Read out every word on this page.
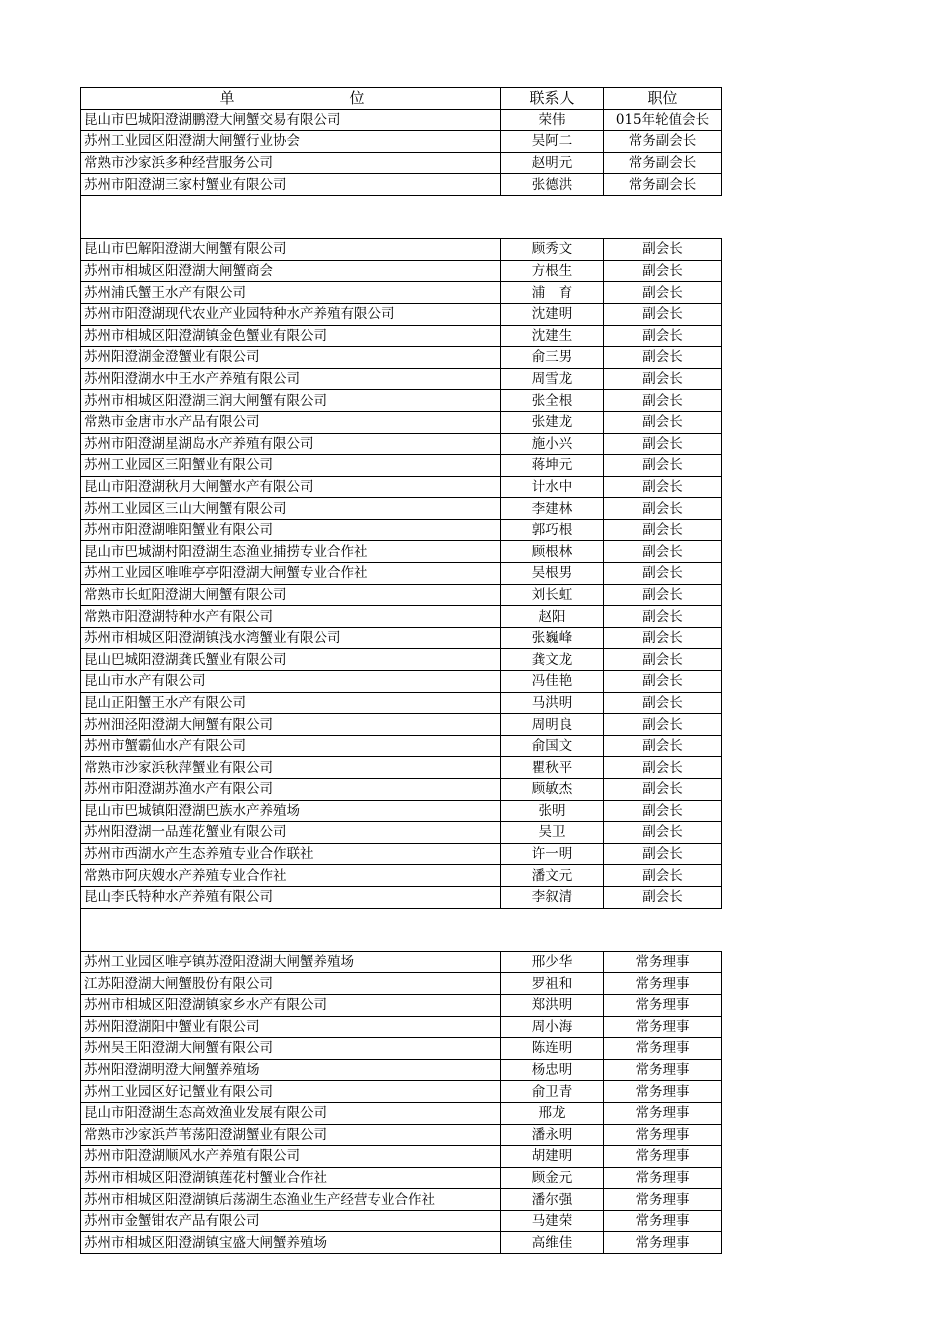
单 位	联系人	职位
昆山市巴城阳澄湖鹏澄大闸蟹交易有限公司	荣伟	015年轮值会长
苏州工业园区阳澄湖大闸蟹行业协会	吴阿二	常务副会长
常熟市沙家浜多种经营服务公司	赵明元	常务副会长
苏州市阳澄湖三家村蟹业有限公司	张德洪	常务副会长

昆山市巴解阳澄湖大闸蟹有限公司	顾秀文	副会长
苏州市相城区阳澄湖大闸蟹商会	方根生	副会长
苏州浦氏蟹王水产有限公司	浦　育	副会长
苏州市阳澄湖现代农业产业园特种水产养殖有限公司	沈建明	副会长
苏州市相城区阳澄湖镇金色蟹业有限公司	沈建生	副会长
苏州阳澄湖金澄蟹业有限公司	俞三男	副会长
苏州阳澄湖水中王水产养殖有限公司	周雪龙	副会长
苏州市相城区阳澄湖三润大闸蟹有限公司	张全根	副会长
常熟市金唐市水产品有限公司	张建龙	副会长
苏州市阳澄湖星湖岛水产养殖有限公司	施小兴	副会长
苏州工业园区三阳蟹业有限公司	蒋坤元	副会长
昆山市阳澄湖秋月大闸蟹水产有限公司	计水中	副会长
苏州工业园区三山大闸蟹有限公司	李建林	副会长
苏州市阳澄湖唯阳蟹业有限公司	郭巧根	副会长
昆山市巴城湖村阳澄湖生态渔业捕捞专业合作社	顾根林	副会长
苏州工业园区唯唯亭亭阳澄湖大闸蟹专业合作社	吴根男	副会长
常熟市长虹阳澄湖大闸蟹有限公司	刘长虹	副会长
常熟市阳澄湖特种水产有限公司	赵阳	副会长
苏州市相城区阳澄湖镇浅水湾蟹业有限公司	张巍峰	副会长
昆山巴城阳澄湖龚氏蟹业有限公司	龚文龙	副会长
昆山市水产有限公司	冯佳艳	副会长
昆山正阳蟹王水产有限公司	马洪明	副会长
苏州沺泾阳澄湖大闸蟹有限公司	周明良	副会长
苏州市蟹霸仙水产有限公司	俞国文	副会长
常熟市沙家浜秋萍蟹业有限公司	瞿秋平	副会长
苏州市阳澄湖苏渔水产有限公司	顾敏杰	副会长
昆山市巴城镇阳澄湖巴族水产养殖场	张明	副会长
苏州阳澄湖一品莲花蟹业有限公司	吴卫	副会长
苏州市西湖水产生态养殖专业合作联社	许一明	副会长
常熟市阿庆嫂水产养殖专业合作社	潘文元	副会长
昆山李氏特种水产养殖有限公司	李叙清	副会长

苏州工业园区唯亭镇苏澄阳澄湖大闸蟹养殖场	邢少华	常务理事
江苏阳澄湖大闸蟹股份有限公司	罗祖和	常务理事
苏州市相城区阳澄湖镇家乡水产有限公司	郑洪明	常务理事
苏州阳澄湖阳中蟹业有限公司	周小海	常务理事
苏州吴王阳澄湖大闸蟹有限公司	陈连明	常务理事
苏州阳澄湖明澄大闸蟹养殖场	杨忠明	常务理事
苏州工业园区好记蟹业有限公司	俞卫青	常务理事
昆山市阳澄湖生态高效渔业发展有限公司	邢龙	常务理事
常熟市沙家浜芦苇荡阳澄湖蟹业有限公司	潘永明	常务理事
苏州市阳澄湖顺风水产养殖有限公司	胡建明	常务理事
苏州市相城区阳澄湖镇莲花村蟹业合作社	顾金元	常务理事
苏州市相城区阳澄湖镇后荡湖生态渔业生产经营专业合作社	潘尔强	常务理事
苏州市金蟹钳农产品有限公司	马建荣	常务理事
苏州市相城区阳澄湖镇宝盛大闸蟹养殖场	高维佳	常务理事
